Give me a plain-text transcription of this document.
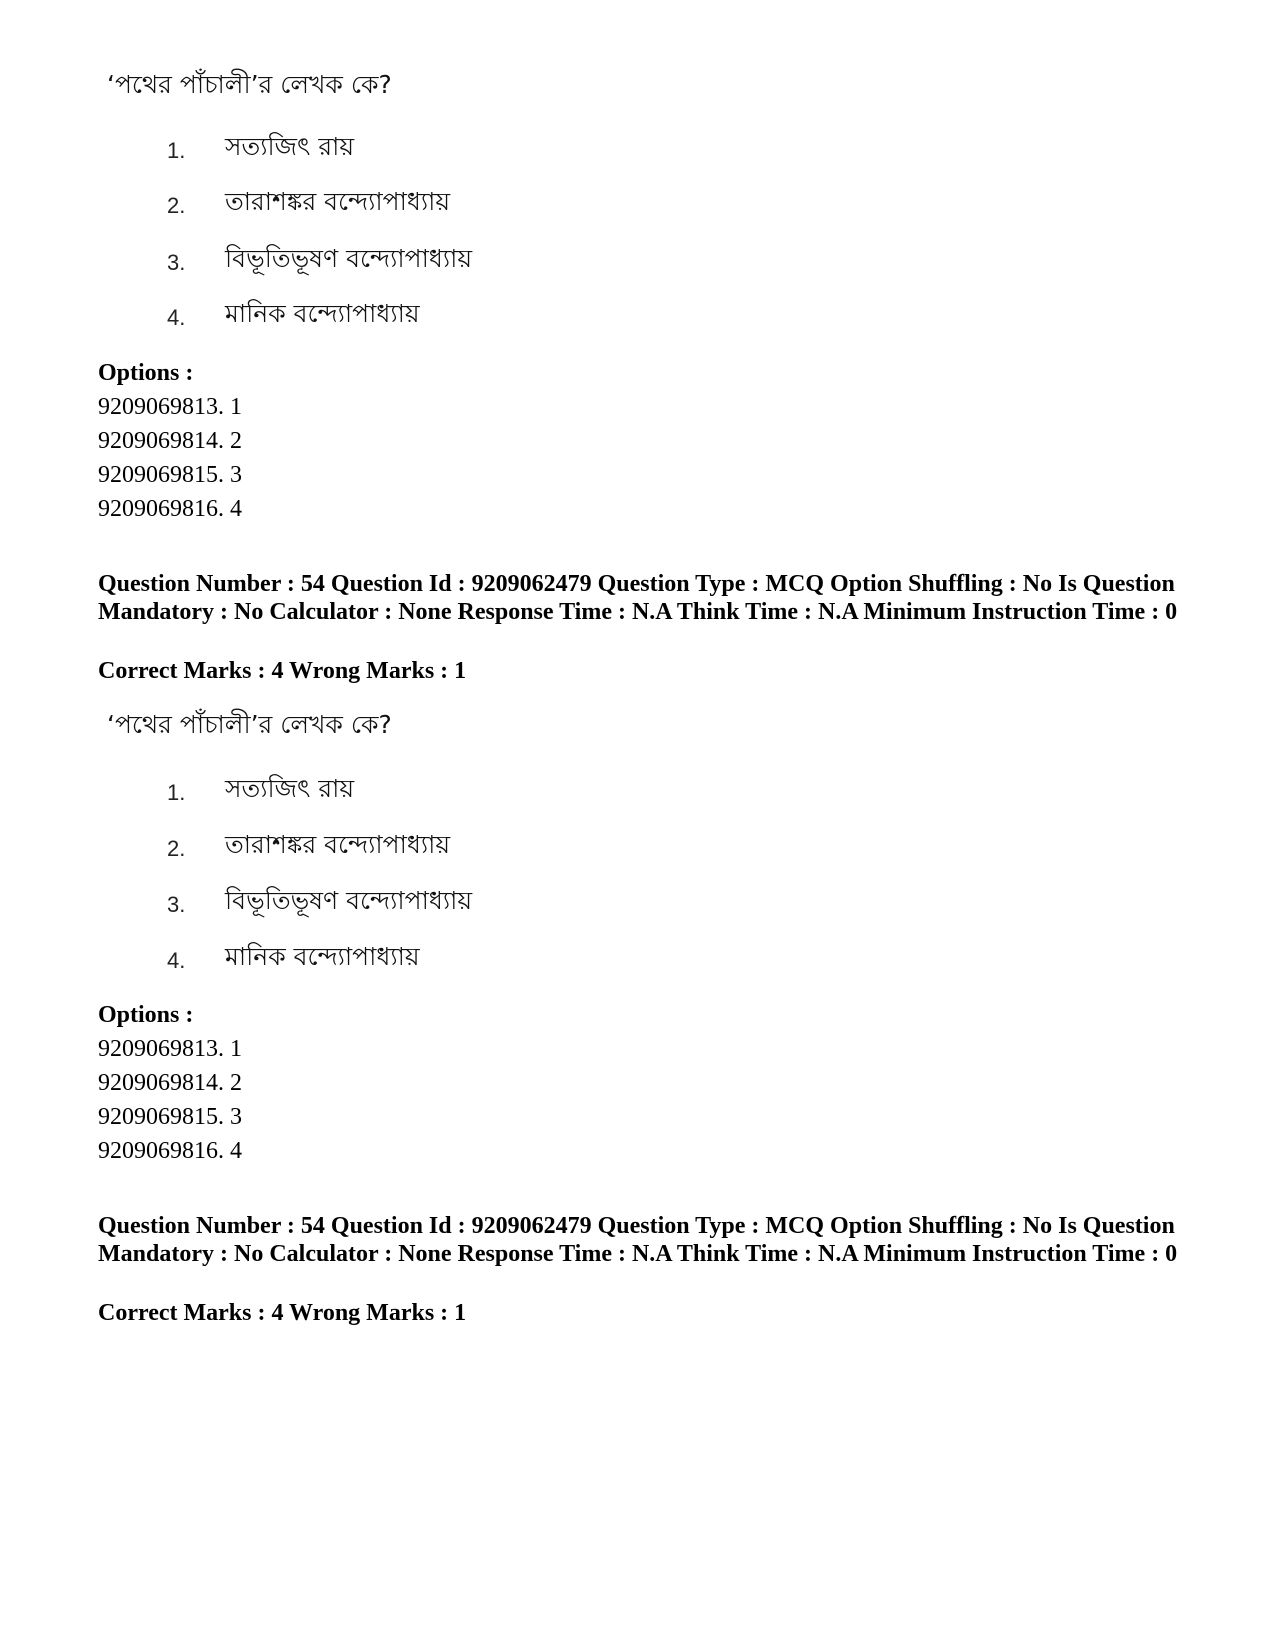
‘পথের পাঁচালী’র লেখক কে?
1. সত্যজিৎ রায়
2. তারাশঙ্কর বন্দ্যোপাধ্যায়
3. বিভূতিভূষণ বন্দ্যোপাধ্যায়
4. মানিক বন্দ্যোপাধ্যায়
Options :
9209069813. 1
9209069814. 2
9209069815. 3
9209069816. 4
Question Number : 54 Question Id : 9209062479 Question Type : MCQ Option Shuffling : No Is Question Mandatory : No Calculator : None Response Time : N.A Think Time : N.A Minimum Instruction Time : 0
Correct Marks : 4 Wrong Marks : 1
‘পথের পাঁচালী’র লেখক কে?
1. সত্যজিৎ রায়
2. তারাশঙ্কর বন্দ্যোপাধ্যায়
3. বিভূতিভূষণ বন্দ্যোপাধ্যায়
4. মানিক বন্দ্যোপাধ্যায়
Options :
9209069813. 1
9209069814. 2
9209069815. 3
9209069816. 4
Question Number : 54 Question Id : 9209062479 Question Type : MCQ Option Shuffling : No Is Question Mandatory : No Calculator : None Response Time : N.A Think Time : N.A Minimum Instruction Time : 0
Correct Marks : 4 Wrong Marks : 1
